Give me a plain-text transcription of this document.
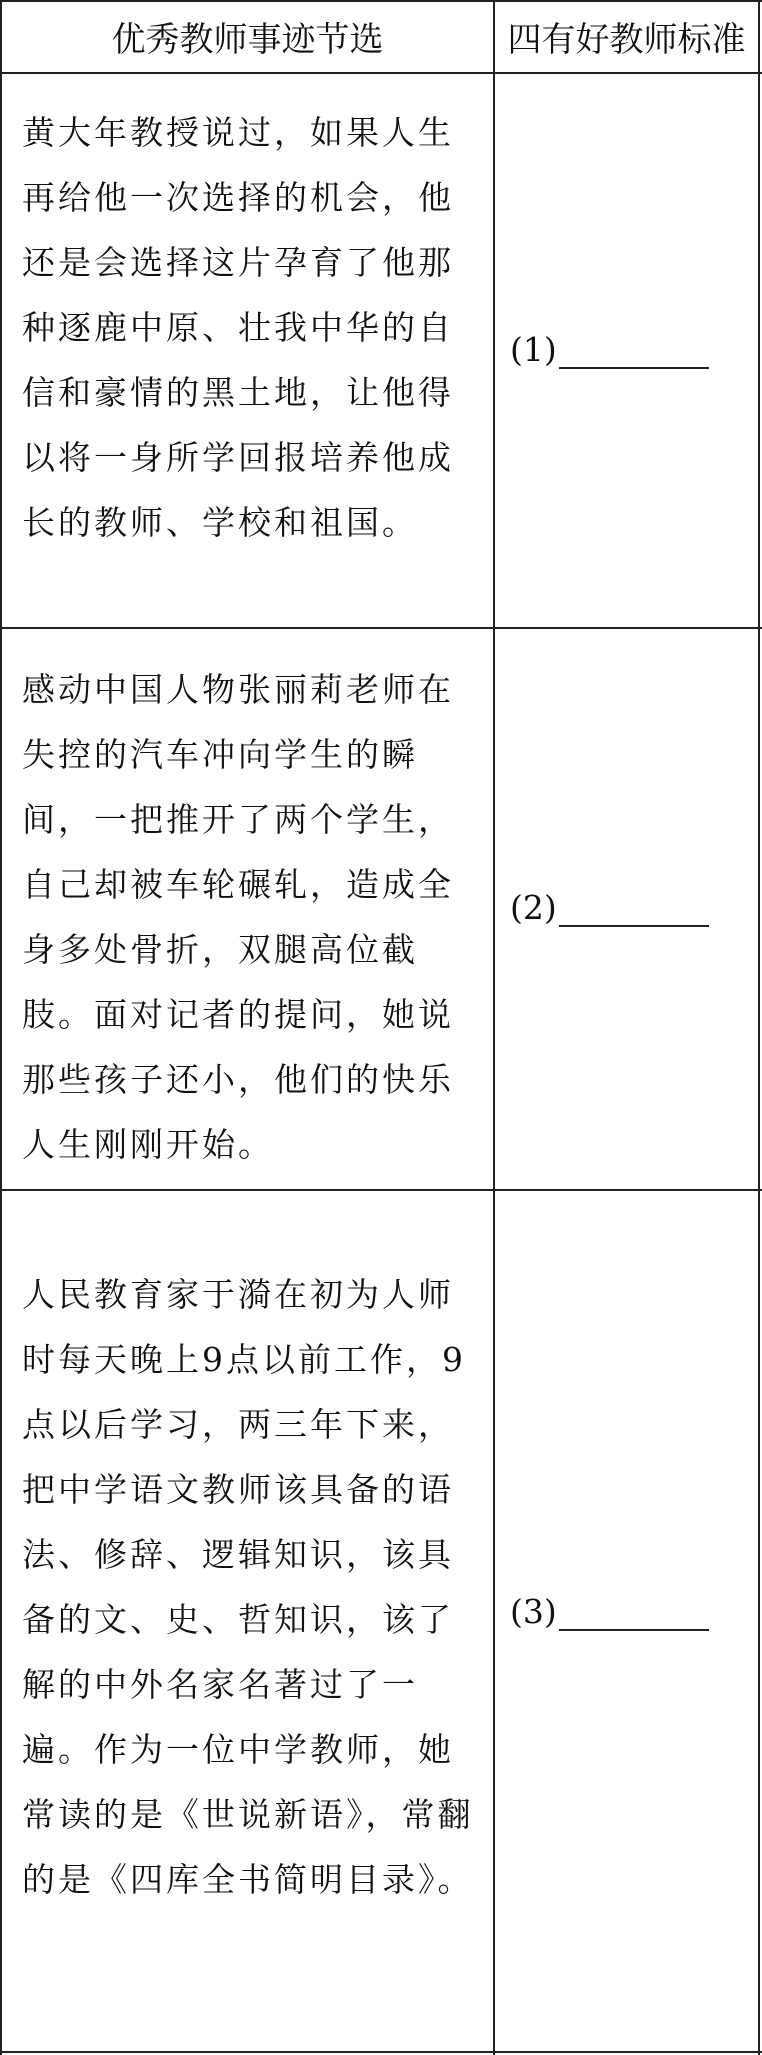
优秀教师事迹节选	四有好教师标准
黄大年教授说过，如果人生再给他一次选择的机会，他还是会选择这片孕育了他那种逐鹿中原、壮我中华的自信和豪情的黑土地，让他得以将一身所学回报培养他成长的教师、学校和祖国。
(1)
感动中国人物张丽莉老师在失控的汽车冲向学生的瞬间，一把推开了两个学生，自己却被车轮碾轧，造成全身多处骨折，双腿高位截肢。面对记者的提问，她说那些孩子还小，他们的快乐人生刚刚开始。
(2)
人民教育家于漪在初为人师时每天晚上9点以前工作，9点以后学习，两三年下来，把中学语文教师该具备的语法、修辞、逻辑知识，该具备的文、史、哲知识，该了解的中外名家名著过了一遍。作为一位中学教师，她常读的是《世说新语》，常翻的是《四库全书简明目录》。
(3)
